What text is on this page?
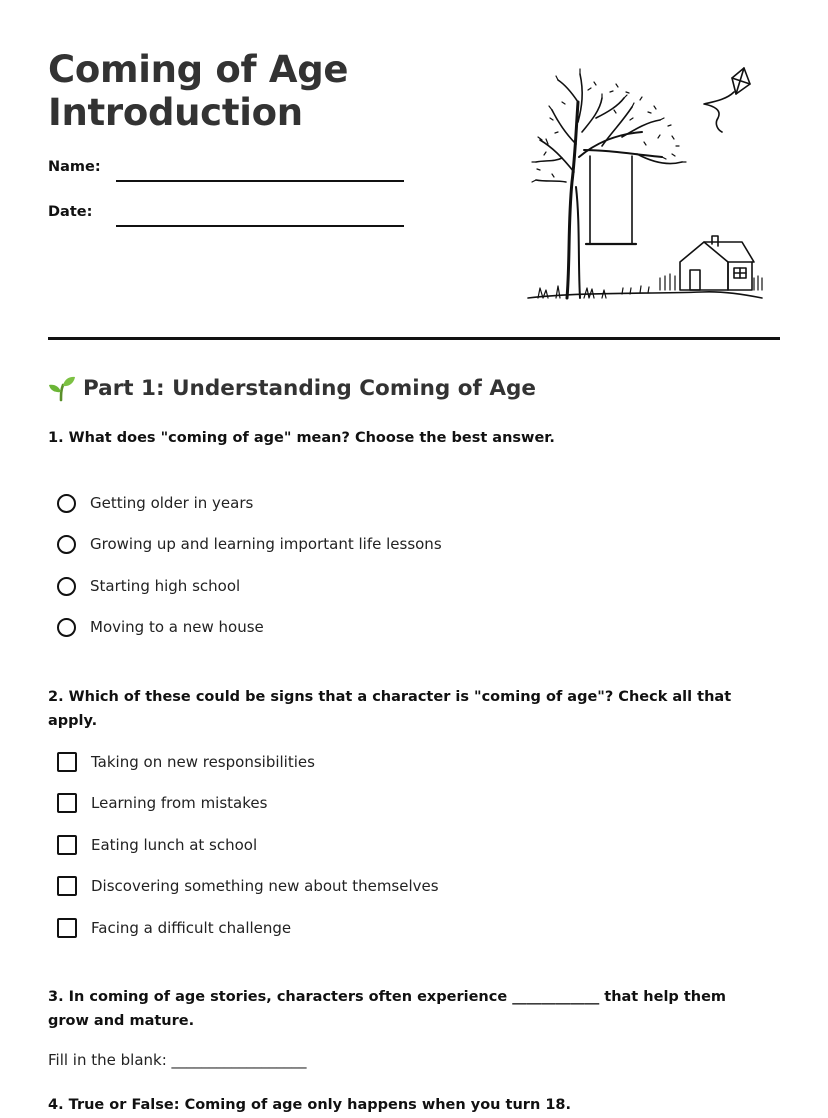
Coming of Age
Introduction
Name:
Date:
Part 1: Understanding Coming of Age

1. What does "coming of age" mean? Choose the best answer.

Getting older in years
Growing up and learning important life lessons
Starting high school
Moving to a new house

2. Which of these could be signs that a character is "coming of age"? Check all that apply.

Taking on new responsibilities
Learning from mistakes
Eating lunch at school
Discovering something new about themselves
Facing a difficult challenge

3. In coming of age stories, characters often experience ____________ that help them grow and mature.

Fill in the blank: __________________

4. True or False: Coming of age only happens when you turn 18.
